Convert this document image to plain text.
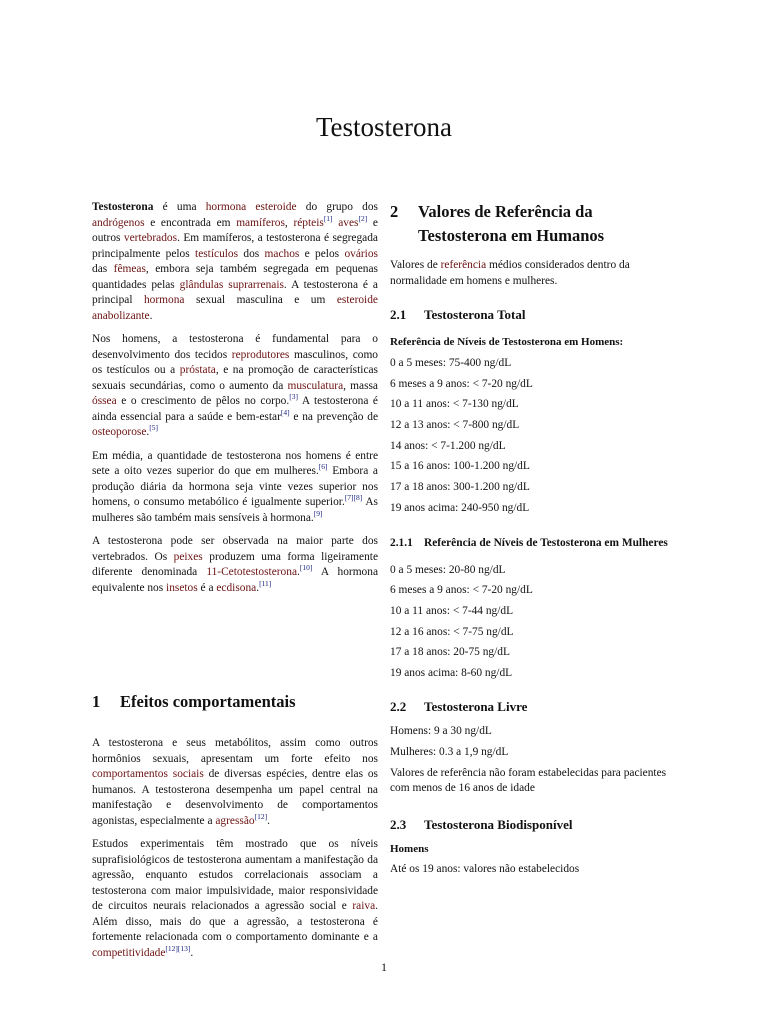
Testosterona

Testosterona é uma hormona esteroide do grupo dos andrógenos e encontrada em mamíferos, répteis[1] aves[2] e outros vertebrados. Em mamíferos, a testosterona é segregada principalmente pelos testículos dos machos e pelos ovários das fêmeas, embora seja também segregada em pequenas quantidades pelas glândulas suprarrenais. A testosterona é a principal hormona sexual masculina e um esteroide anabolizante.

Nos homens, a testosterona é fundamental para o desenvolvimento dos tecidos reprodutores masculinos, como os testículos ou a próstata, e na promoção de características sexuais secundárias, como o aumento da musculatura, massa óssea e o crescimento de pêlos no corpo.[3] A testosterona é ainda essencial para a saúde e bem-estar[4] e na prevenção de osteoporose.[5]

Em média, a quantidade de testosterona nos homens é entre sete a oito vezes superior do que em mulheres.[6] Embora a produção diária da hormona seja vinte vezes superior nos homens, o consumo metabólico é igualmente superior.[7][8] As mulheres são também mais sensíveis à hormona.[9]

A testosterona pode ser observada na maior parte dos vertebrados. Os peixes produzem uma forma ligeiramente diferente denominada 11-Cetotestosterona.[10] A hormona equivalente nos insetos é a ecdisona.[11]

1	Efeitos comportamentais

A testosterona e seus metabólitos, assim como outros hormônios sexuais, apresentam um forte efeito nos comportamentos sociais de diversas espécies, dentre elas os humanos. A testosterona desempenha um papel central na manifestação e desenvolvimento de comportamentos agonistas, especialmente a agressão[12].

Estudos experimentais têm mostrado que os níveis suprafisiológicos de testosterona aumentam a manifestação da agressão, enquanto estudos correlacionais associam a testosterona com maior impulsividade, maior responsividade de circuitos neurais relacionados a agressão social e raiva. Além disso, mais do que a agressão, a testosterona é fortemente relacionada com o comportamento dominante e a competitividade[12][13].

2	Valores de Referência da Testosterona em Humanos

Valores de referência médios considerados dentro da normalidade em homens e mulheres.

2.1	Testosterona Total

Referência de Níveis de Testosterona em Homens:

0 a 5 meses: 75-400 ng/dL
6 meses a 9 anos: < 7-20 ng/dL
10 a 11 anos: < 7-130 ng/dL
12 a 13 anos: < 7-800 ng/dL
14 anos: < 7-1.200 ng/dL
15 a 16 anos: 100-1.200 ng/dL
17 a 18 anos: 300-1.200 ng/dL
19 anos acima: 240-950 ng/dL
2.1.1 Referência de Níveis de Testosterona em Mulheres
0 a 5 meses: 20-80 ng/dL
6 meses a 9 anos: < 7-20 ng/dL
10 a 11 anos: < 7-44 ng/dL
12 a 16 anos: < 7-75 ng/dL
17 a 18 anos: 20-75 ng/dL
19 anos acima: 8-60 ng/dL
2.2	Testosterona Livre
Homens: 9 a 30 ng/dL
Mulheres: 0.3 a 1,9 ng/dL

Valores de referência não foram estabelecidas para pacientes com menos de 16 anos de idade

2.3	Testosterona Biodisponível

Homens

Até os 19 anos: valores não estabelecidos

1
